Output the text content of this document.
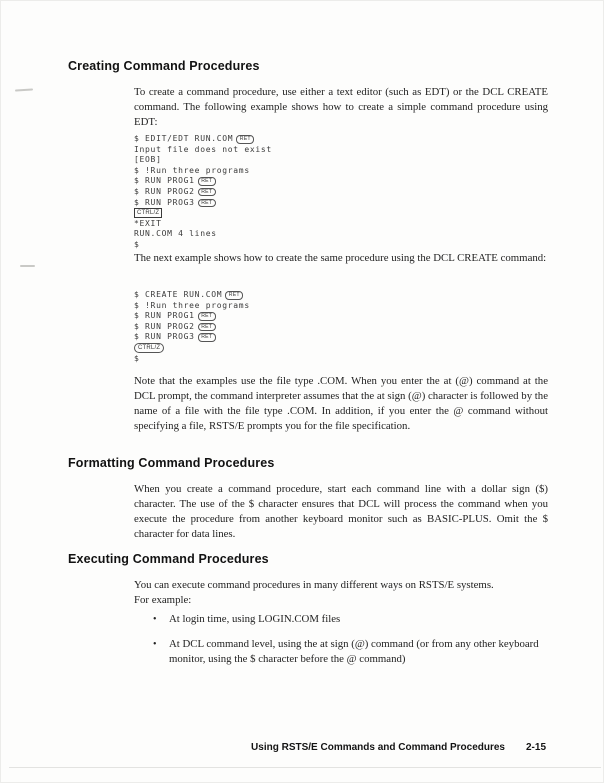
Creating Command Procedures
To create a command procedure, use either a text editor (such as EDT) or the DCL CREATE command. The following example shows how to create a simple command procedure using EDT:
$ EDIT/EDT RUN.COM RET
Input file does not exist
[EOB]
$ !Run three programs
$ RUN PROG1 RET
$ RUN PROG2 RET
$ RUN PROG3 RET
CTRL/Z
*EXIT
RUN.COM 4 lines
$
The next example shows how to create the same procedure using the DCL CREATE command:
$ CREATE RUN.COM RET
$ !Run three programs
$ RUN PROG1 RET
$ RUN PROG2 RET
$ RUN PROG3 RET
CTRL/Z
$
Note that the examples use the file type .COM. When you enter the at (@) command at the DCL prompt, the command interpreter assumes that the at sign (@) character is followed by the name of a file with the file type .COM. In addition, if you enter the @ command without specifying a file, RSTS/E prompts you for the file specification.
Formatting Command Procedures
When you create a command procedure, start each command line with a dollar sign ($) character. The use of the $ character ensures that DCL will process the command when you execute the procedure from another keyboard monitor such as BASIC-PLUS. Omit the $ character for data lines.
Executing Command Procedures
You can execute command procedures in many different ways on RSTS/E systems.
For example:
• At login time, using LOGIN.COM files
• At DCL command level, using the at sign (@) command (or from any other keyboard monitor, using the $ character before the @ command)
Using RSTS/E Commands and Command Procedures 2-15
